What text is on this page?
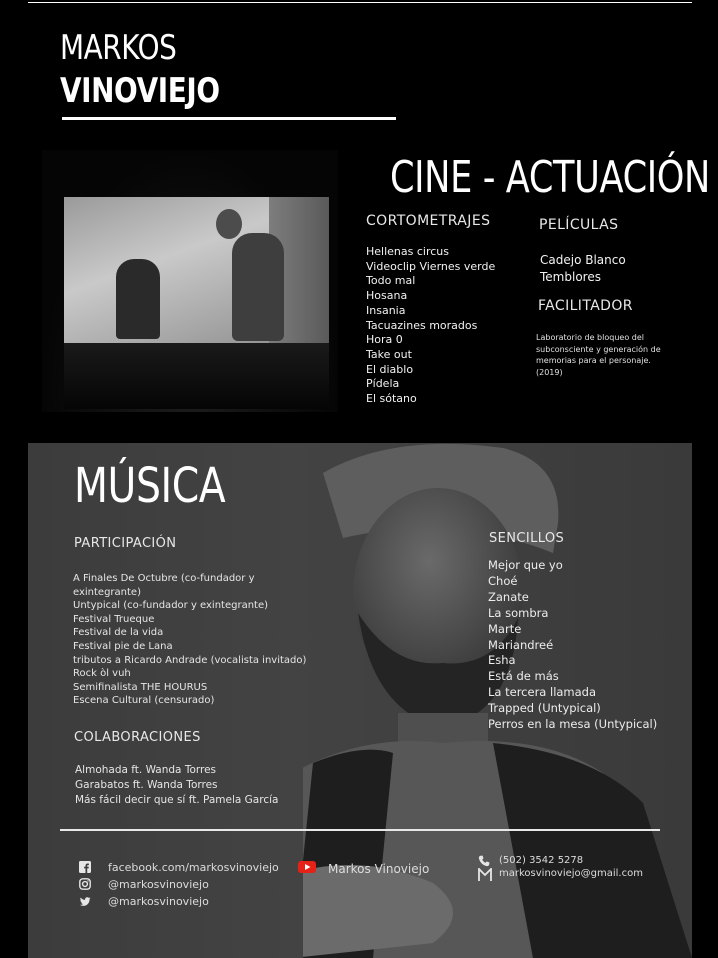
MARKOS
VINOVIEJO
CINE - ACTUACIÓN
CORTOMETRAJES
Hellenas circus
Videoclip Viernes verde
Todo mal
Hosana
Insania
Tacuazines morados
Hora 0
Take out
El diablo
Pídela
El sótano
PELÍCULAS
Cadejo Blanco
Temblores
FACILITADOR
Laboratorio de bloqueo del
subconsciente y generación de
memorias para el personaje.
(2019)
MÚSICA
PARTICIPACIÓN
A Finales De Octubre (co-fundador y
exintegrante)
Untypical (co-fundador y exintegrante)
Festival Trueque
Festival de la vida
Festival pie de Lana
tributos a Ricardo Andrade (vocalista invitado)
Rock òl vuh
Semifinalista THE HOURUS
Escena Cultural (censurado)
COLABORACIONES
Almohada ft. Wanda Torres
Garabatos ft. Wanda Torres
Más fácil decir que sí ft. Pamela García
SENCILLOS
Mejor que yo
Choé
Zanate
La sombra
Marte
Mariandreé
Esha
Está de más
La tercera llamada
Trapped (Untypical)
Perros en la mesa (Untypical)
facebook.com/markosvinoviejo
@markosvinoviejo
@markosvinoviejo
Markos Vinoviejo
(502) 3542 5278
markosvinoviejo@gmail.com
